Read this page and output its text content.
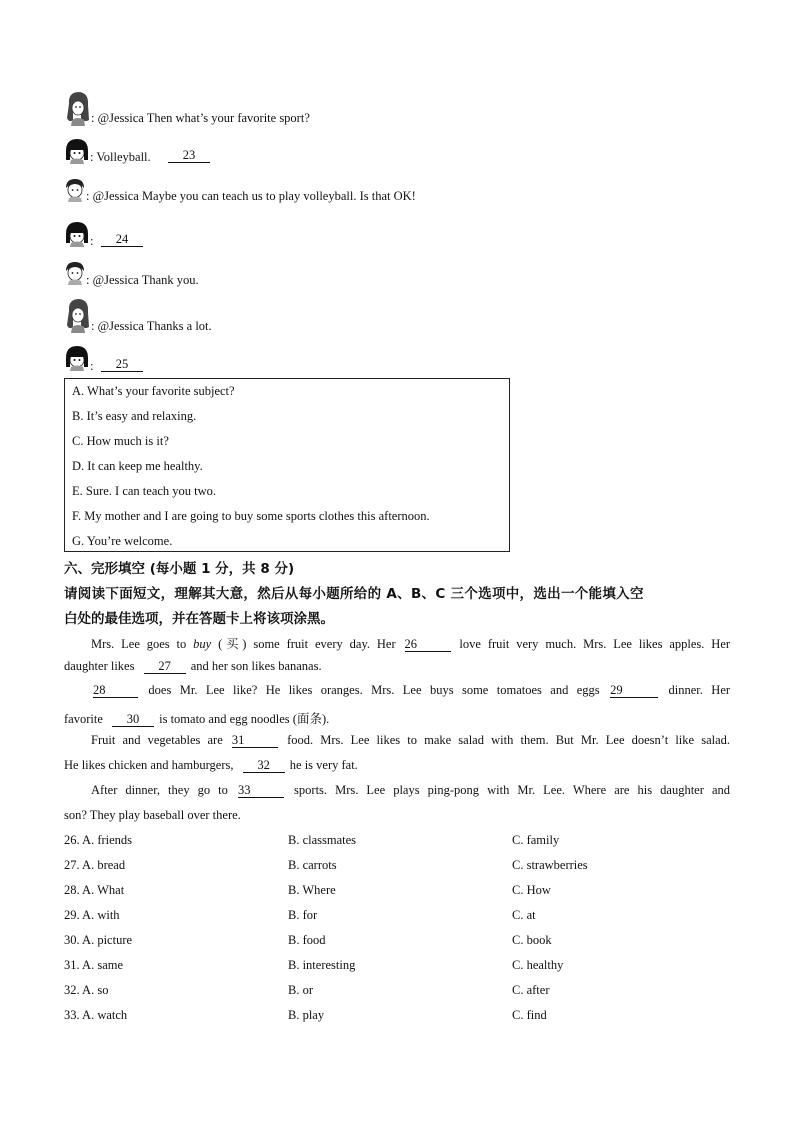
: @Jessica Then what’s your favorite sport?
: Volleyball.	23
: @Jessica Maybe you can teach us to play volleyball. Is that OK!
:	24
: @Jessica Thank you.
: @Jessica Thanks a lot.
:	25
A. What’s your favorite subject?
B. It’s easy and relaxing.
C. How much is it?
D. It can keep me healthy.
E. Sure. I can teach you two.
F. My mother and I are going to buy some sports clothes this afternoon.
G. You’re welcome.
六、完形填空 (每小题 1 分，共 8 分)
请阅读下面短文，理解其大意，然后从每小题所给的 A、B、C 三个选项中，选出一个能填入空
白处的最佳选项，并在答题卡上将该项涂黑。
Mrs. Lee goes to buy (买) some fruit every day. Her 26	love fruit very much. Mrs. Lee likes apples. Her
daughter likes 27 and her son likes bananas.
28	does Mr. Lee like? He likes oranges. Mrs. Lee buys some tomatoes and eggs 29	dinner. Her
favorite 30 is tomato and egg noodles (面条).
Fruit and vegetables are 31	food. Mrs. Lee likes to make salad with them. But Mr. Lee doesn’t like salad.
He likes chicken and hamburgers, 32 he is very fat.
After dinner, they go to 33	sports. Mrs. Lee plays ping-pong with Mr. Lee. Where are his daughter and
son? They play baseball over there.
26. A. friends	B. classmates	C. family
27. A. bread	B. carrots	C. strawberries
28. A. What	B. Where	C. How
29. A. with	B. for	C. at
30. A. picture	B. food	C. book
31. A. same	B. interesting	C. healthy
32. A. so	B. or	C. after
33. A. watch	B. play	C. find
